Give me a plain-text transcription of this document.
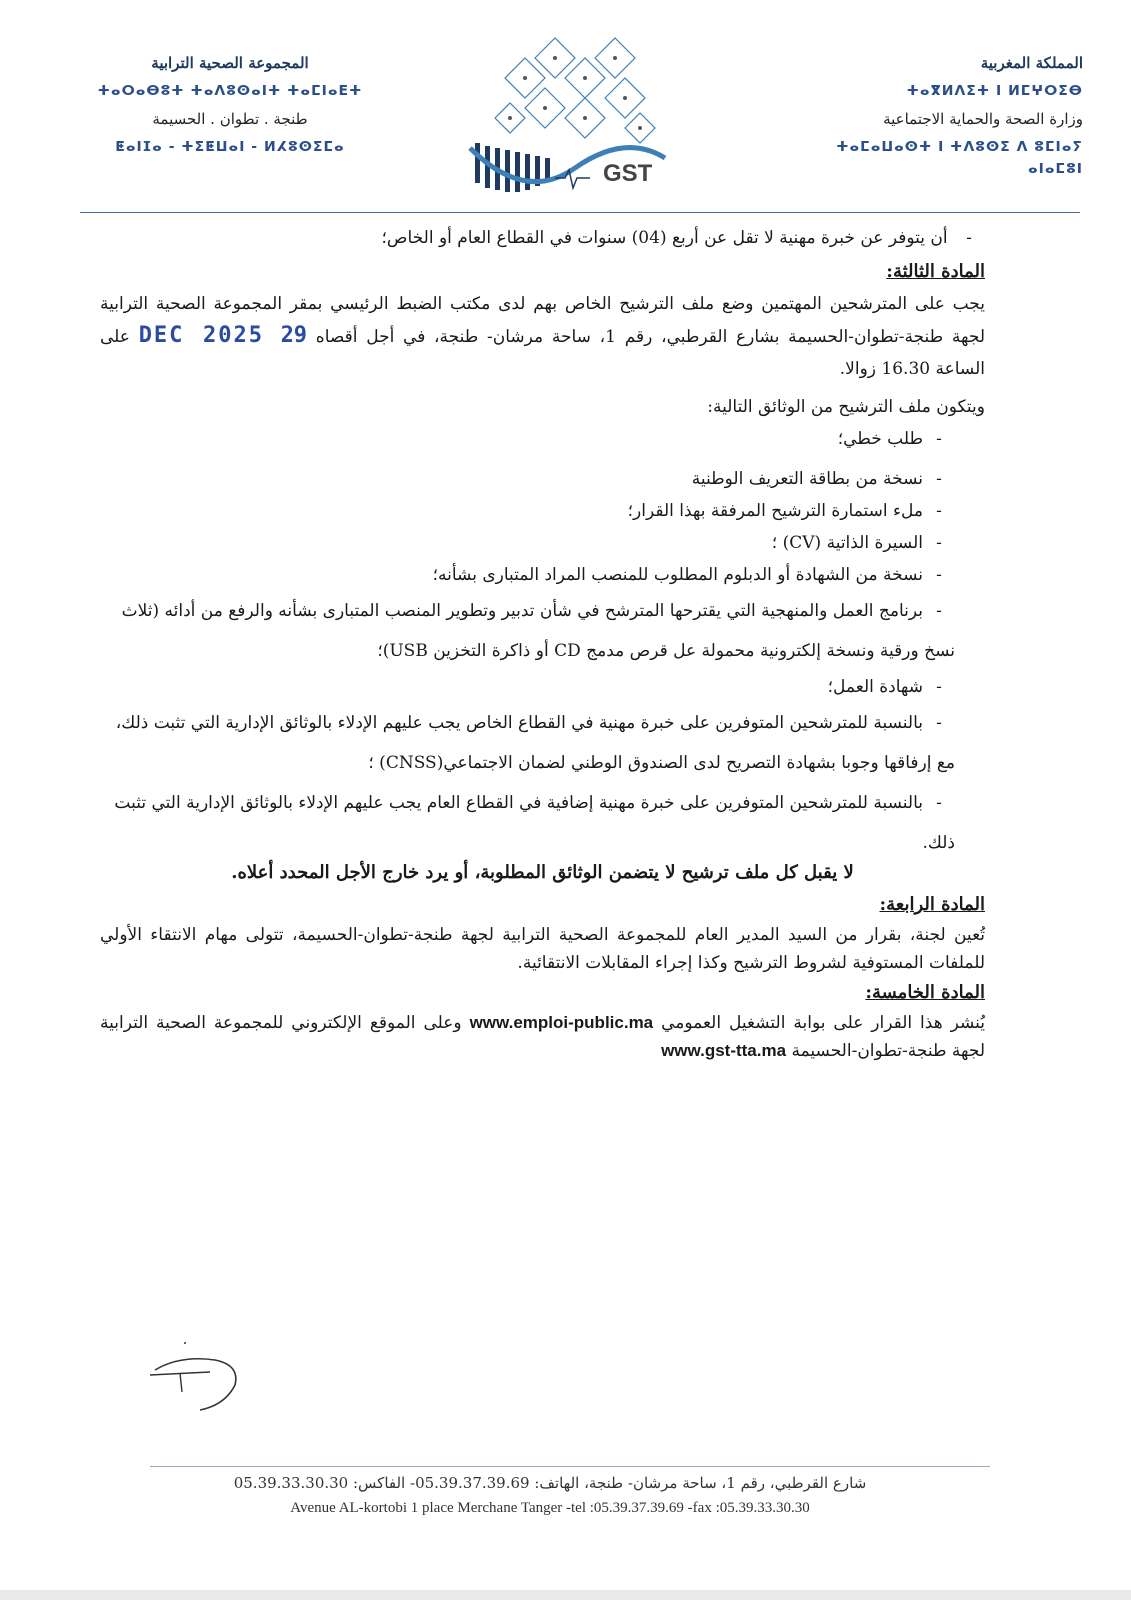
المملكة المغربية

ⵜⴰⴳⵍⴷⵉⵜ ⵏ ⵍⵎⵖⵔⵉⴱ

وزارة الصحة والحماية الاجتماعية

ⵜⴰⵎⴰⵡⴰⵙⵜ ⵏ ⵜⴷⵓⵙⵉ ⴷ ⵓⵎⵏⴰⵢ ⴰⵏⴰⵎⵓⵏ

المجموعة الصحية الترابية

ⵜⴰⵔⴰⴱⵓⵜ ⵜⴰⴷⵓⵙⴰⵏⵜ ⵜⴰⵎⵏⴰⴹⵜ

طنجة . تطوان . الحسيمة

ⵟⴰⵏⵊⴰ - ⵜⵉⵟⵡⴰⵏ - ⵍⵃⵓⵙⵉⵎⴰ

GST

- أن يتوفر عن خبرة مهنية لا تقل عن أربع (04) سنوات في القطاع العام أو الخاص؛

المادة الثالثة:

يجب على المترشحين المهتمين وضع ملف الترشيح الخاص بهم لدى مكتب الضبط الرئيسي بمقر المجموعة الصحية الترابية لجهة طنجة-تطوان-الحسيمة بشارع القرطبي، رقم 1، ساحة مرشان- طنجة، في أجل أقصاه 29 DEC 2025 على الساعة 16.30 زوالا.

ويتكون ملف الترشيح من الوثائق التالية:

-طلب خطي؛

-نسخة من بطاقة التعريف الوطنية

-ملء استمارة الترشيح المرفقة بهذا القرار؛

-السيرة الذاتية (CV) ؛

-نسخة من الشهادة أو الدبلوم المطلوب للمنصب المراد المتبارى بشأنه؛

-برنامج العمل والمنهجية التي يقترحها المترشح في شأن تدبير وتطوير المنصب المتبارى بشأنه والرفع من أدائه (ثلاث نسخ ورقية ونسخة إلكترونية محمولة عل قرص مدمج CD أو ذاكرة التخزين USB)؛

-شهادة العمل؛

-بالنسبة للمترشحين المتوفرين على خبرة مهنية في القطاع الخاص يجب عليهم الإدلاء بالوثائق الإدارية التي تثبت ذلك، مع إرفاقها وجوبا بشهادة التصريح لدى الصندوق الوطني لضمان الاجتماعي(CNSS) ؛

-بالنسبة للمترشحين المتوفرين على خبرة مهنية إضافية في القطاع العام يجب عليهم الإدلاء بالوثائق الإدارية التي تثبت ذلك.

لا يقبل كل ملف ترشيح لا يتضمن الوثائق المطلوبة، أو يرد خارج الأجل المحدد أعلاه.

المادة الرابعة:

تُعين لجنة، بقرار من السيد المدير العام للمجموعة الصحية الترابية لجهة طنجة-تطوان-الحسيمة، تتولى مهام الانتقاء الأولي للملفات المستوفية لشروط الترشيح وكذا إجراء المقابلات الانتقائية.

المادة الخامسة:

يُنشر هذا القرار على بوابة التشغيل العمومي www.emploi-public.ma وعلى الموقع الإلكتروني للمجموعة الصحية الترابية لجهة طنجة-تطوان-الحسيمة www.gst-tta.ma

شارع القرطبي، رقم 1، ساحة مرشان- طنجة، الهاتف: 05.39.37.39.69- الفاكس: 05.39.33.30.30
Avenue AL-kortobi 1 place Merchane Tanger -tel :05.39.37.39.69 -fax :05.39.33.30.30
